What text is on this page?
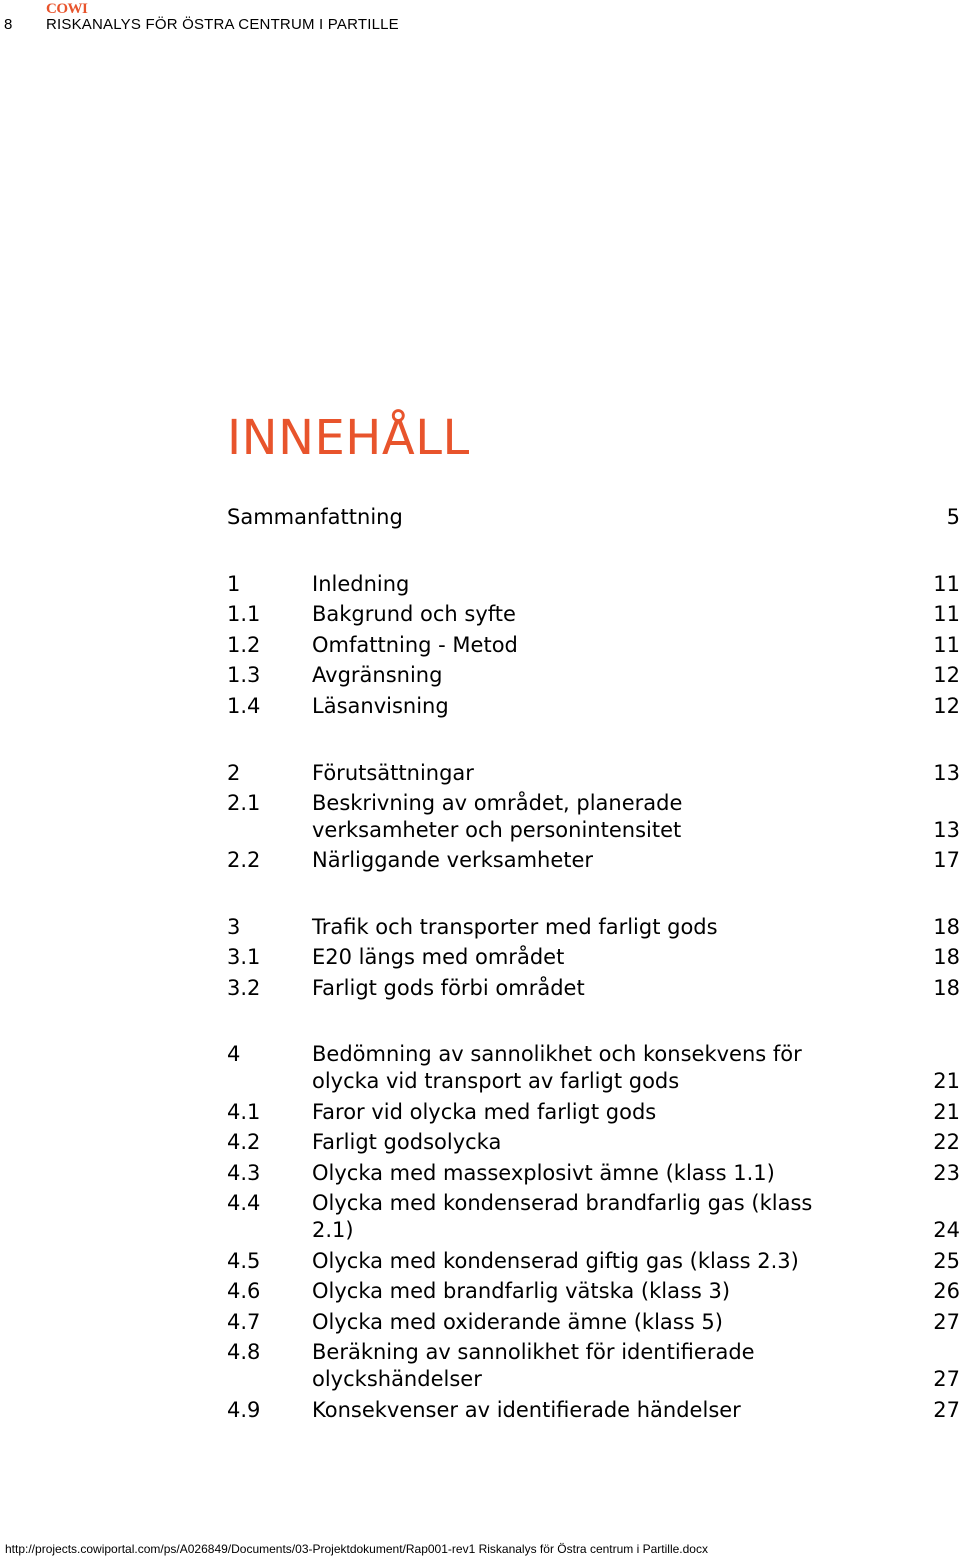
8
COWI
RISKANALYS FÖR ÖSTRA CENTRUM I PARTILLE
INNEHÅLL
Sammanfattning	5
1	Inledning	11
1.1 Bakgrund och syfte	11
1.2 Omfattning - Metod	11
1.3 Avgränsning	12
1.4 Läsanvisning	12
2	Förutsättningar	13
2.1 Beskrivning av området, planerade
verksamheter och personintensitet	13
2.2 Närliggande verksamheter	17
3	Trafik och transporter med farligt gods	18
3.1 E20 längs med området	18
3.2 Farligt gods förbi området	18
4	Bedömning av sannolikhet och konsekvens för
olycka vid transport av farligt gods	21
4.1 Faror vid olycka med farligt gods	21
4.2 Farligt godsolycka	22
4.3 Olycka med massexplosivt ämne (klass 1.1)	23
4.4 Olycka med kondenserad brandfarlig gas (klass
2.1)	24
4.5 Olycka med kondenserad giftig gas (klass 2.3)	25
4.6 Olycka med brandfarlig vätska (klass 3)	26
4.7 Olycka med oxiderande ämne (klass 5)	27
4.8 Beräkning av sannolikhet för identifierade
olyckshändelser	27
4.9 Konsekvenser av identifierade händelser	27
http://projects.cowiportal.com/ps/A026849/Documents/03-Projektdokument/Rap001-rev1 Riskanalys för Östra centrum i Partille.docx
